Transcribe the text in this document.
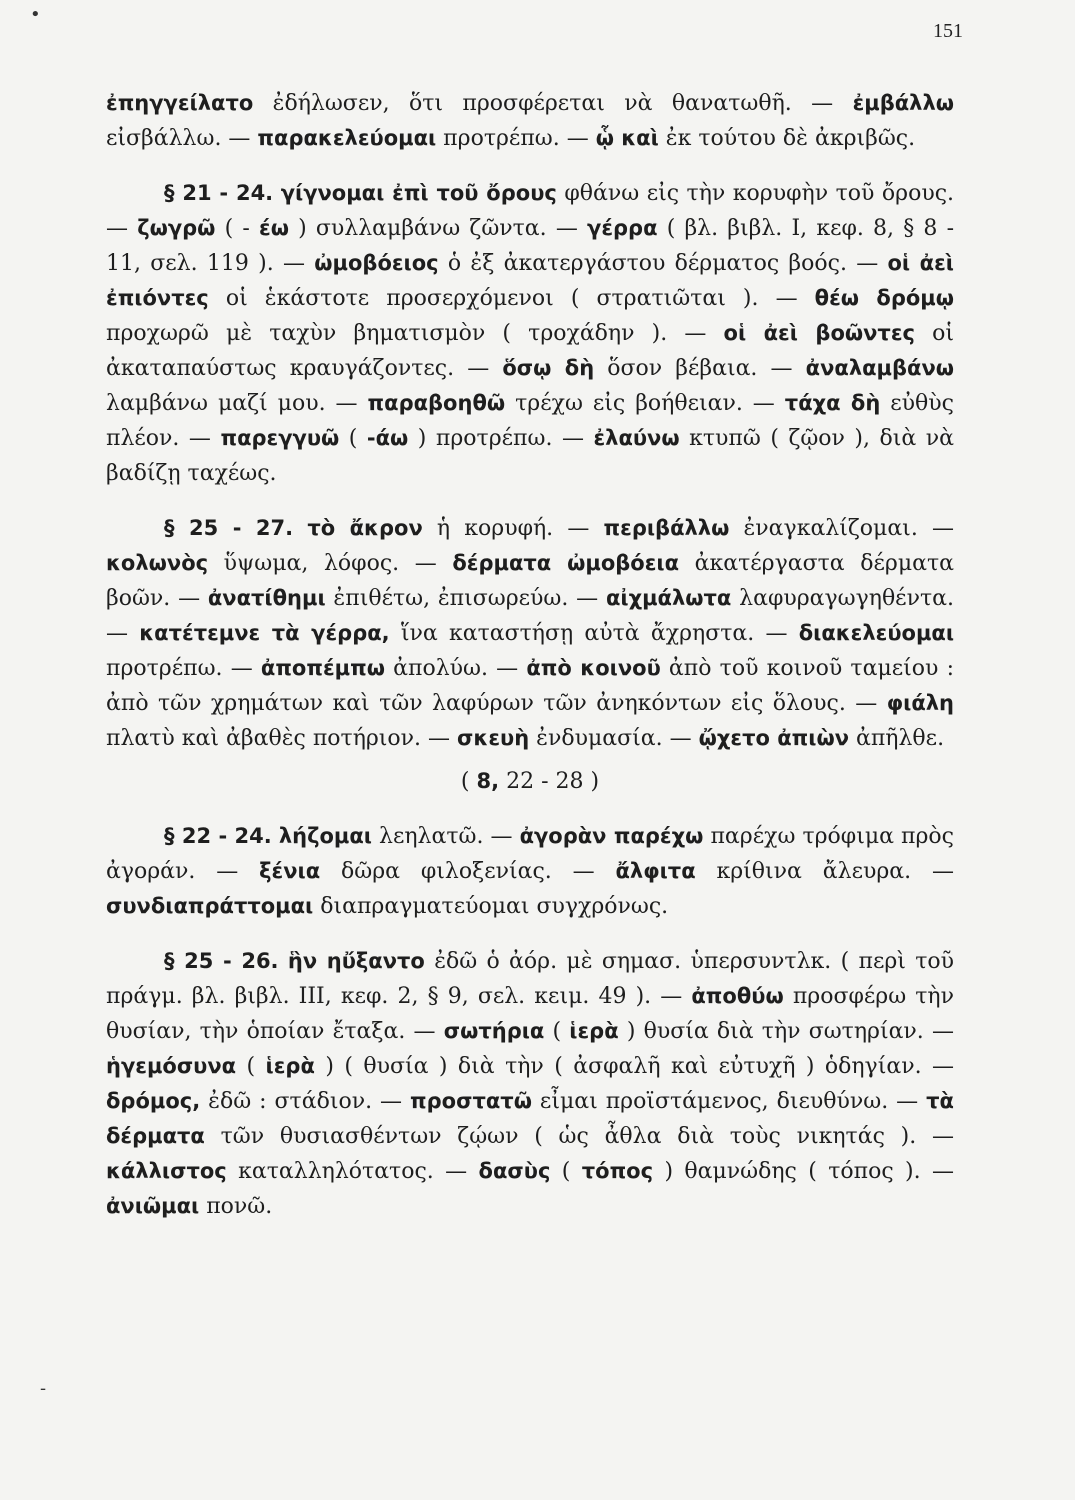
•
151

ἐπηγγείλατο ἐδήλωσεν, ὅτι προσφέρεται νὰ θανατωθῆ. — ἐμβάλλω εἰσβάλλω. — παρακελεύομαι προτρέπω. — ᾧ καὶ ἐκ τούτου δὲ ἀκριβῶς.

§ 21 - 24. γίγνομαι ἐπὶ τοῦ ὄρους φθάνω εἰς τὴν κορυφὴν τοῦ ὄρους. — ζωγρῶ ( - έω ) συλλαμβάνω ζῶντα. — γέρρα ( βλ. βιβλ. Ι, κεφ. 8, § 8 - 11, σελ. 119 ). — ὠμοβόειος ὁ ἐξ ἀκατεργάστου δέρματος βοός. — οἱ ἀεὶ ἐπιόντες οἱ ἑκάστοτε προσερχόμενοι ( στρατιῶται ). — θέω δρόμῳ προχωρῶ μὲ ταχὺν βηματισμὸν ( τροχάδην ). — οἱ ἀεὶ βοῶντες οἱ ἀκαταπαύστως κραυγάζοντες. — ὅσῳ δὴ ὅσον βέβαια. — ἀναλαμβάνω λαμβάνω μαζί μου. — παραβοηθῶ τρέχω εἰς βοήθειαν. — τάχα δὴ εὐθὺς πλέον. — παρεγγυῶ ( -άω ) προτρέπω. — ἐλαύνω κτυπῶ ( ζῷον ), διὰ νὰ βαδίζῃ ταχέως.

§ 25 - 27. τὸ ἄκρον ἡ κορυφή. — περιβάλλω ἐναγκαλίζομαι. — κολωνὸς ὕψωμα, λόφος. — δέρματα ὠμοβόεια ἀκατέργαστα δέρματα βοῶν. — ἀνατίθημι ἐπιθέτω, ἐπισωρεύω. — αἰχμάλωτα λαφυραγωγηθέντα. — κατέτεμνε τὰ γέρρα, ἵνα καταστήσῃ αὐτὰ ἄχρηστα. — διακελεύομαι προτρέπω. — ἀποπέμπω ἀπολύω. — ἀπὸ κοινοῦ ἀπὸ τοῦ κοινοῦ ταμείου : ἀπὸ τῶν χρημάτων καὶ τῶν λαφύρων τῶν ἀνηκόντων εἰς ὅλους. — φιάλη πλατὺ καὶ ἀβαθὲς ποτήριον. — σκευὴ ἐνδυμασία. — ᾤχετο ἀπιὼν ἀπῆλθε.

( 8, 22 - 28 )

§ 22 - 24. λήζομαι λεηλατῶ. — ἀγορὰν παρέχω παρέχω τρόφιμα πρὸς ἀγοράν. — ξένια δῶρα φιλοξενίας. — ἄλφιτα κρίθινα ἄλευρα. — συνδιαπράττομαι διαπραγματεύομαι συγχρόνως.

§ 25 - 26. ἣν ηὔξαντο ἐδῶ ὁ ἀόρ. μὲ σημασ. ὑπερσυντλκ. ( περὶ τοῦ πράγμ. βλ. βιβλ. III, κεφ. 2, § 9, σελ. κειμ. 49 ). — ἀποθύω προσφέρω τὴν θυσίαν, τὴν ὁποίαν ἔταξα. — σωτήρια ( ἱερὰ ) θυσία διὰ τὴν σωτηρίαν. — ἡγεμόσυνα ( ἱερὰ ) ( θυσία ) διὰ τὴν ( ἀσφαλῆ καὶ εὐτυχῆ ) ὁδηγίαν. — δρόμος, ἐδῶ : στάδιον. — προστατῶ εἶμαι προϊστάμενος, διευθύνω. — τὰ δέρματα τῶν θυσιασθέντων ζῴων ( ὡς ἆθλα διὰ τοὺς νικητάς ). — κάλλιστος καταλληλότατος. — δασὺς ( τόπος ) θαμνώδης ( τόπος ). — ἀνιῶμαι πονῶ.

-
